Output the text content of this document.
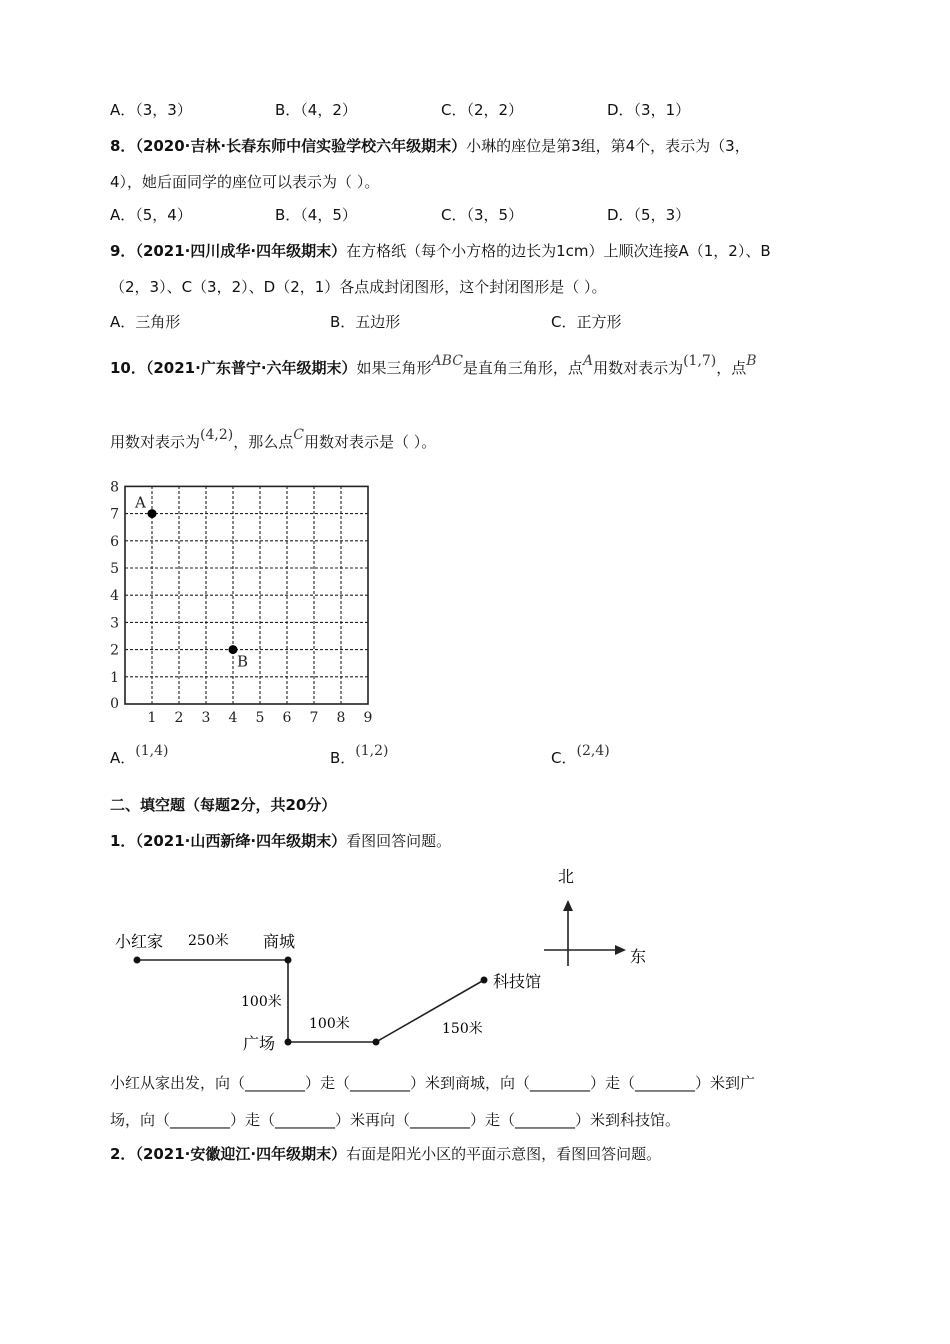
A．（3，3）	B．（4，2）	C．（2，2）	D．（3，1）
8．（2020·吉林·长春东师中信实验学校六年级期末）小琳的座位是第3组，第4个，表示为（3，
4），她后面同学的座位可以表示为（ ）。
A．（5，4）	B．（4，5）	C．（3，5）	D．（5，3）
9．（2021·四川成华·四年级期末）在方格纸（每个小方格的边长为1cm）上顺次连接A（1，2）、B
（2，3）、C（3，2）、D（2，1）各点成封闭图形，这个封闭图形是（ ）。
A．三角形	B．五边形	C．正方形
10．（2021·广东普宁·六年级期末）如果三角形ABC是直角三角形，点A用数对表示为(1,7)，点B
用数对表示为(4,2)，那么点C用数对表示是（ ）。
1 2 3 4 5 6 7 8 9
0
1
2
3
4
5
6
7
8
A
B
A．(1,4)	B．(1,2)	C．(2,4)
二、填空题（每题2分，共20分）
1．（2021·山西新绛·四年级期末）看图回答问题。
小红家 250米 商城
100米
广场
100米	150米
科技馆
北
东
小红从家出发，向（________）走（________）米到商城，向（________）走（________）米到广
场，向（________）走（________）米再向（________）走（________）米到科技馆。
2．（2021·安徽迎江·四年级期末）右面是阳光小区的平面示意图，看图回答问题。
